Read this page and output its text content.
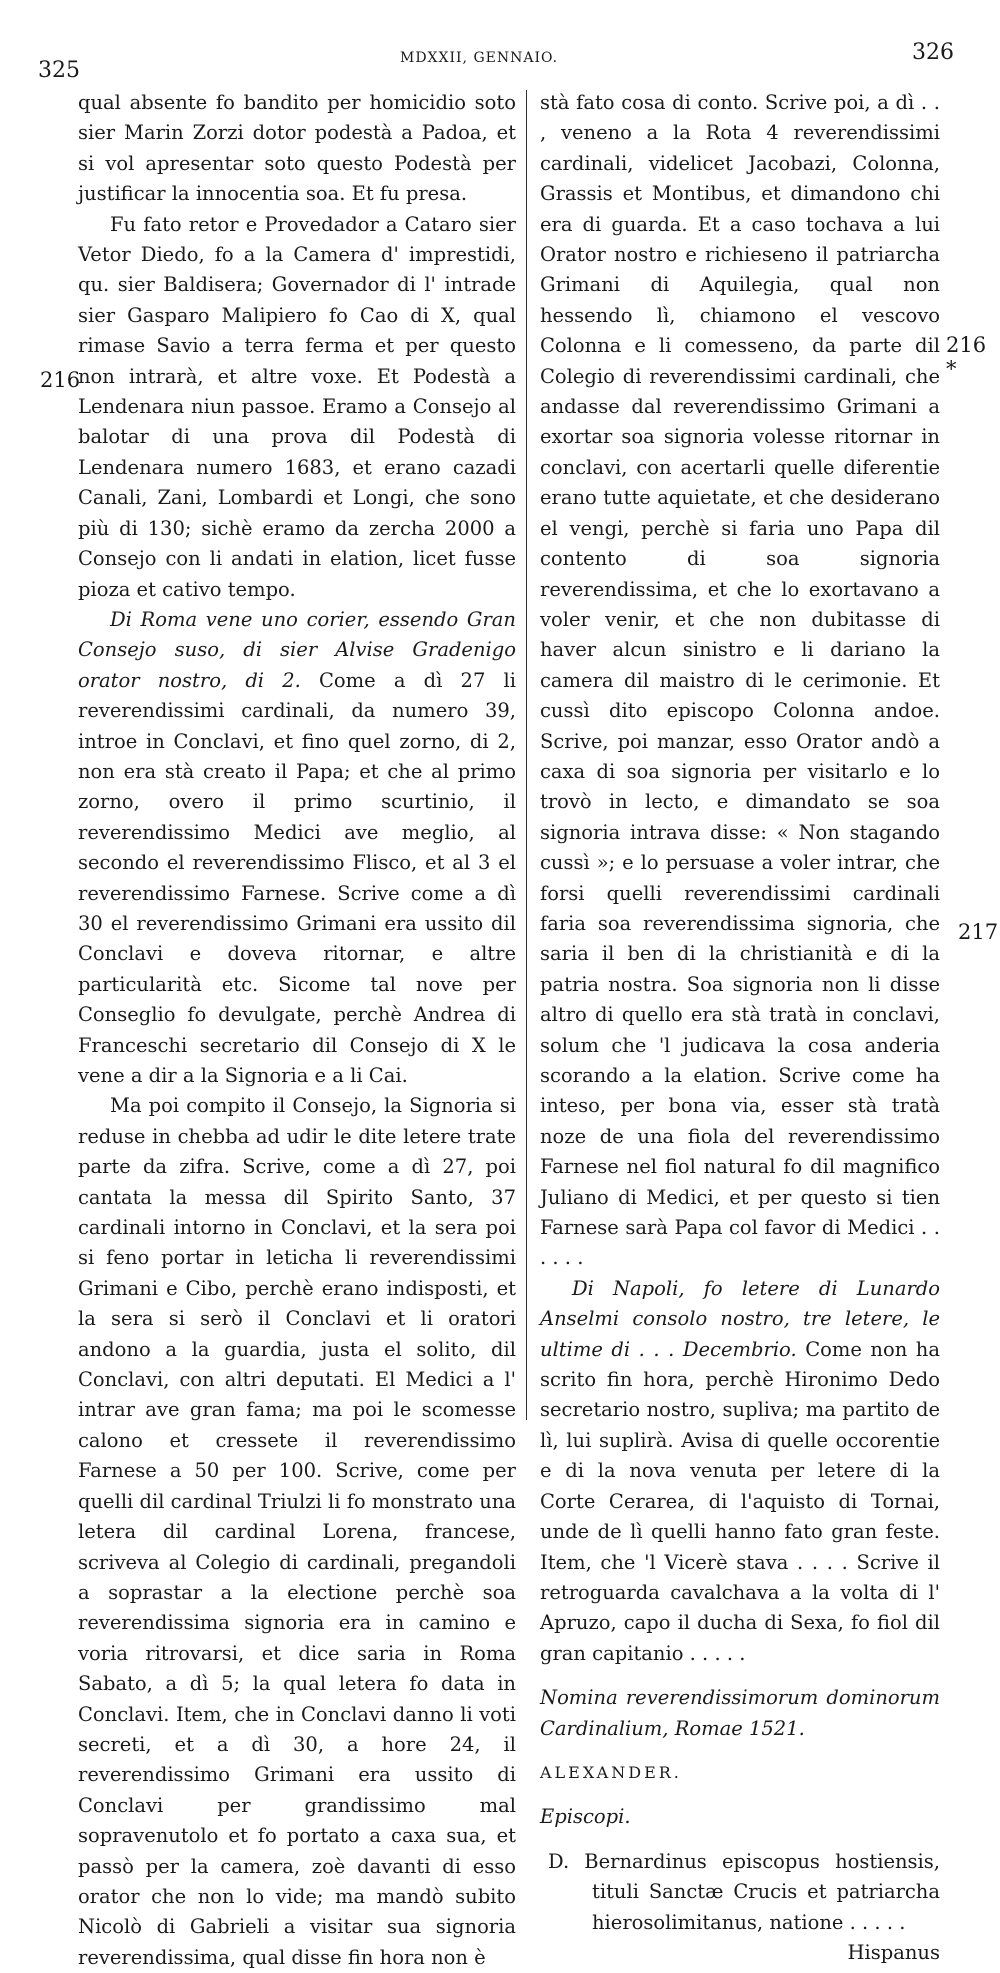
325	MDXXII, GENNAIO.	326
216
216 *
217

qual absente fo bandito per homicidio soto sier Marin Zorzi dotor podestà a Padoa, et si vol apresentar soto questo Podestà per justificar la innocentia soa. Et fu presa.

Fu fato retor e Provedador a Cataro sier Vetor Diedo, fo a la Camera d' imprestidi, qu. sier Baldisera; Governador di l' intrade sier Gasparo Malipiero fo Cao di X, qual rimase Savio a terra ferma et per questo non intrarà, et altre voxe. Et Podestà a Lendenara niun passoe. Eramo a Consejo al balotar di una prova dil Podestà di Lendenara numero 1683, et erano cazadi Canali, Zani, Lombardi et Longi, che sono più di 130; sichè eramo da zercha 2000 a Consejo con li andati in elation, licet fusse pioza et cativo tempo.

Di Roma vene uno corier, essendo Gran Consejo suso, di sier Alvise Gradenigo orator nostro, di 2. Come a dì 27 li reverendissimi cardinali, da numero 39, introe in Conclavi, et fino quel zorno, di 2, non era stà creato il Papa; et che al primo zorno, overo il primo scurtinio, il reverendissimo Medici ave meglio, al secondo el reverendissimo Flisco, et al 3 el reverendissimo Farnese. Scrive come a dì 30 el reverendissimo Grimani era ussito dil Conclavi e doveva ritornar, e altre particularità etc. Sicome tal nove per Conseglio fo devulgate, perchè Andrea di Franceschi secretario dil Consejo di X le vene a dir a la Signoria e a li Cai.

Ma poi compito il Consejo, la Signoria si reduse in chebba ad udir le dite letere trate parte da zifra. Scrive, come a dì 27, poi cantata la messa dil Spirito Santo, 37 cardinali intorno in Conclavi, et la sera poi si feno portar in leticha li reverendissimi Grimani e Cibo, perchè erano indisposti, et la sera si serò il Conclavi et li oratori andono a la guardia, justa el solito, dil Conclavi, con altri deputati. El Medici a l' intrar ave gran fama; ma poi le scomesse calono et cressete il reverendissimo Farnese a 50 per 100. Scrive, come per quelli dil cardinal Triulzi li fo monstrato una letera dil cardinal Lorena, francese, scriveva al Colegio di cardinali, pregandoli a soprastar a la electione perchè soa reverendissima signoria era in camino e voria ritrovarsi, et dice saria in Roma Sabato, a dì 5; la qual letera fo data in Conclavi. Item, che in Conclavi danno li voti secreti, et a dì 30, a hore 24, il reverendissimo Grimani era ussito di Conclavi per grandissimo mal sopravenutolo et fo portato a caxa sua, et passò per la camera, zoè davanti di esso orator che non lo vide; ma mandò subito Nicolò di Gabrieli a visitar sua signoria reverendissima, qual disse fin hora non è

stà fato cosa di conto. Scrive poi, a dì . . , veneno a la Rota 4 reverendissimi cardinali, videlicet Jacobazi, Colonna, Grassis et Montibus, et dimandono chi era di guarda. Et a caso tochava a lui Orator nostro e richieseno il patriarcha Grimani di Aquilegia, qual non hessendo lì, chiamono el vescovo Colonna e li comesseno, da parte dil Colegio di reverendissimi cardinali, che andasse dal reverendissimo Grimani a exortar soa signoria volesse ritornar in conclavi, con acertarli quelle diferentie erano tutte aquietate, et che desiderano el vengi, perchè si faria uno Papa dil contento di soa signoria reverendissima, et che lo exortavano a voler venir, et che non dubitasse di haver alcun sinistro e li dariano la camera dil maistro di le cerimonie. Et cussì dito episcopo Colonna andoe. Scrive, poi manzar, esso Orator andò a caxa di soa signoria per visitarlo e lo trovò in lecto, e dimandato se soa signoria intrava disse: « Non stagando cussì »; e lo persuase a voler intrar, che forsi quelli reverendissimi cardinali faria soa reverendissima signoria, che saria il ben di la christianità e di la patria nostra. Soa signoria non li disse altro di quello era stà tratà in conclavi, solum che 'l judicava la cosa anderia scorando a la elation. Scrive come ha inteso, per bona via, esser stà tratà noze de una fiola del reverendissimo Farnese nel fiol natural fo dil magnifico Juliano di Medici, et per questo si tien Farnese sarà Papa col favor di Medici . . . . . .

Di Napoli, fo letere di Lunardo Anselmi consolo nostro, tre letere, le ultime di . . . Decembrio. Come non ha scrito fin hora, perchè Hironimo Dedo secretario nostro, supliva; ma partito de lì, lui suplirà. Avisa di quelle occorentie e di la nova venuta per letere di la Corte Cerarea, di l'aquisto di Tornai, unde de lì quelli hanno fato gran feste. Item, che 'l Vicerè stava . . . . Scrive il retroguarda cavalchava a la volta di l' Apruzo, capo il ducha di Sexa, fo fiol dil gran capitanio . . . . .

Nomina reverendissimorum dominorum Cardinalium, Romae 1521.

ALEXANDER.

Episcopi.

D. Bernardinus episcopus hostiensis, tituli Sanctæ Crucis et patriarcha hierosolimitanus, natione . . . . .
Hispanus
